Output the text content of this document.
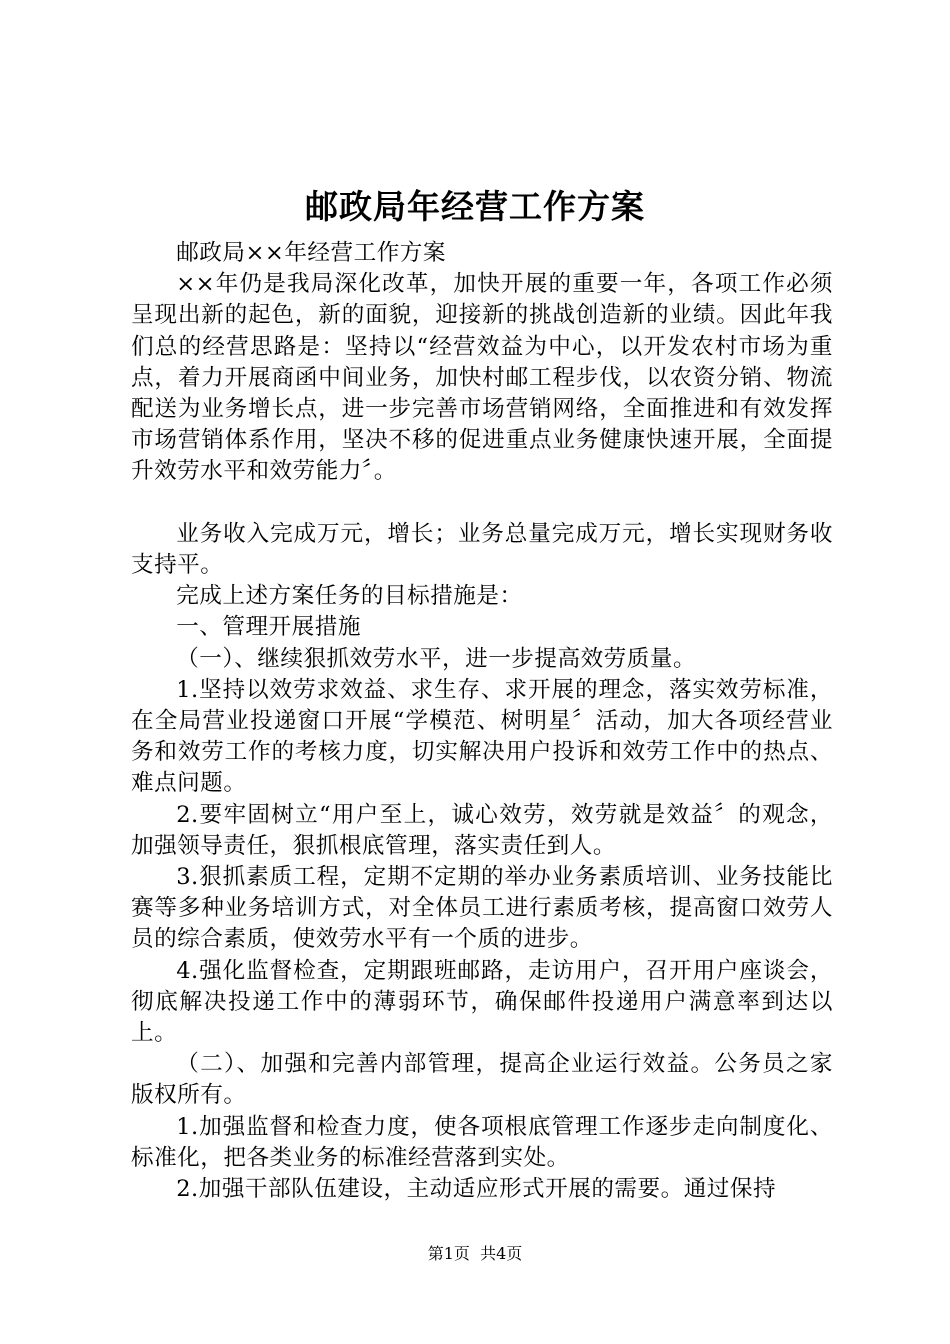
邮政局年经营工作方案

邮政局××年经营工作方案

××年仍是我局深化改革，加快开展的重要一年，各项工作必须呈现出新的起色，新的面貌，迎接新的挑战创造新的业绩。因此年我们总的经营思路是：坚持以“经营效益为中心，以开发农村市场为重点，着力开展商函中间业务，加快村邮工程步伐，以农资分销、物流配送为业务增长点，进一步完善市场营销网络，全面推进和有效发挥市场营销体系作用，坚决不移的促进重点业务健康快速开展，全面提升效劳水平和效劳能力〞。

业务收入完成万元，增长；业务总量完成万元，增长实现财务收支持平。

完成上述方案任务的目标措施是：

一、管理开展措施

（一）、继续狠抓效劳水平，进一步提高效劳质量。

1.坚持以效劳求效益、求生存、求开展的理念，落实效劳标准，在全局营业投递窗口开展“学模范、树明星〞活动，加大各项经营业务和效劳工作的考核力度，切实解决用户投诉和效劳工作中的热点、难点问题。

2.要牢固树立“用户至上，诚心效劳，效劳就是效益〞的观念，加强领导责任，狠抓根底管理，落实责任到人。

3.狠抓素质工程，定期不定期的举办业务素质培训、业务技能比赛等多种业务培训方式，对全体员工进行素质考核，提高窗口效劳人员的综合素质，使效劳水平有一个质的进步。

4.强化监督检查，定期跟班邮路，走访用户，召开用户座谈会，彻底解决投递工作中的薄弱环节，确保邮件投递用户满意率到达以上。

（二）、加强和完善内部管理，提高企业运行效益。公务员之家版权所有。

1.加强监督和检查力度，使各项根底管理工作逐步走向制度化、标准化，把各类业务的标准经营落到实处。

2.加强干部队伍建设，主动适应形式开展的需要。通过保持

第1页 共4页
